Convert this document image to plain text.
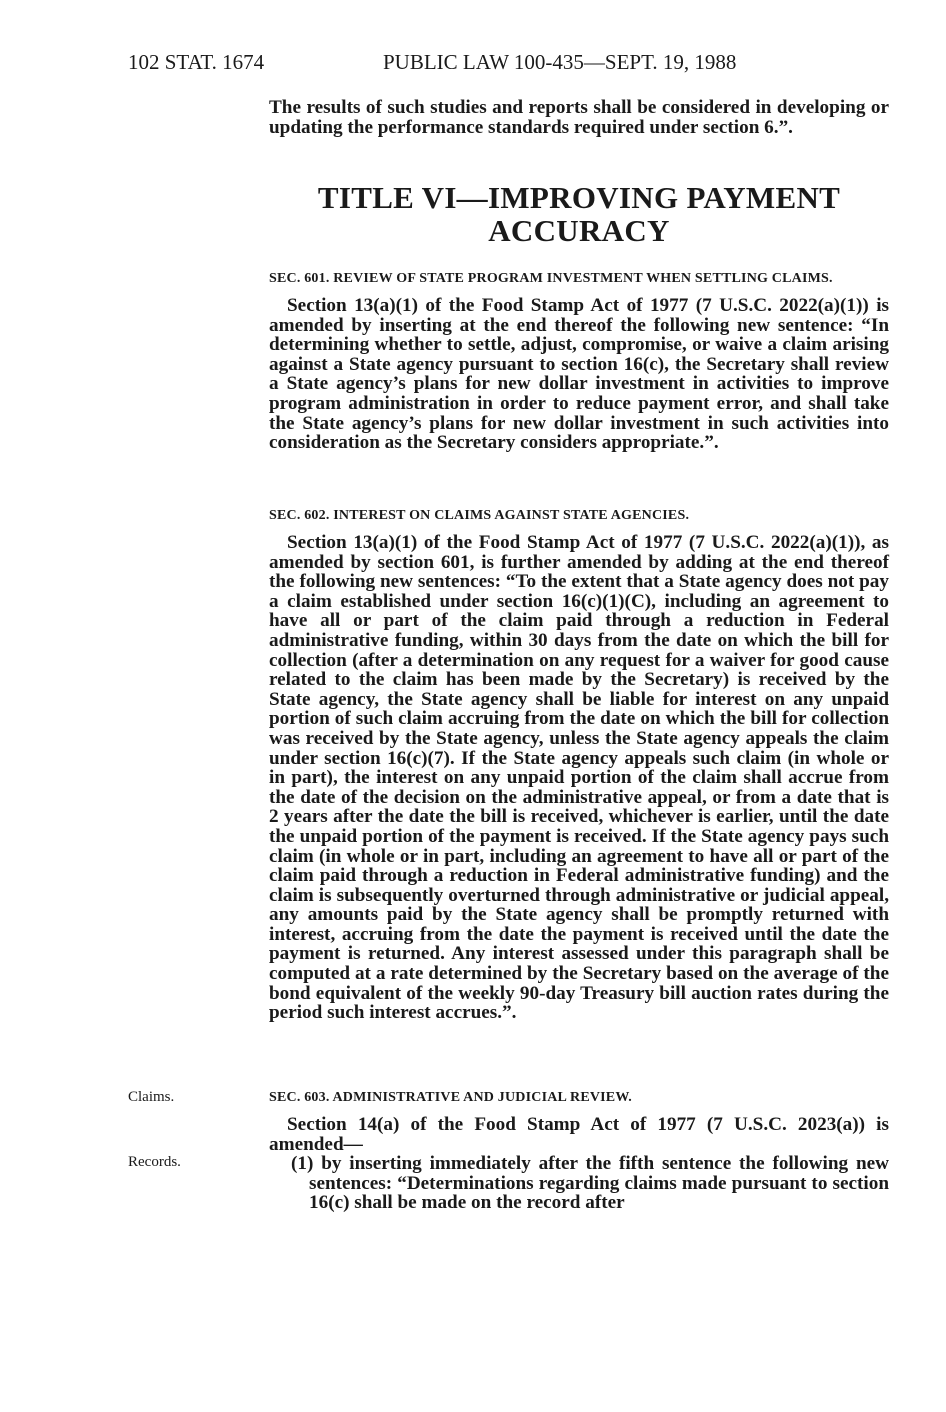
102 STAT. 1674	PUBLIC LAW 100-435—SEPT. 19, 1988

The results of such studies and reports shall be considered in developing or updating the performance standards required under section 6.”.

TITLE VI—IMPROVING PAYMENT
ACCURACY

SEC. 601. REVIEW OF STATE PROGRAM INVESTMENT WHEN SETTLING CLAIMS.

Section 13(a)(1) of the Food Stamp Act of 1977 (7 U.S.C. 2022(a)(1)) is amended by inserting at the end thereof the following new sentence: “In determining whether to settle, adjust, compromise, or waive a claim arising against a State agency pursuant to section 16(c), the Secretary shall review a State agency’s plans for new dollar investment in activities to improve program administration in order to reduce payment error, and shall take the State agency’s plans for new dollar investment in such activities into consideration as the Secretary considers appropriate.”.

SEC. 602. INTEREST ON CLAIMS AGAINST STATE AGENCIES.

Section 13(a)(1) of the Food Stamp Act of 1977 (7 U.S.C. 2022(a)(1)), as amended by section 601, is further amended by adding at the end thereof the following new sentences: “To the extent that a State agency does not pay a claim established under section 16(c)(1)(C), including an agreement to have all or part of the claim paid through a reduction in Federal administrative funding, within 30 days from the date on which the bill for collection (after a determination on any request for a waiver for good cause related to the claim has been made by the Secretary) is received by the State agency, the State agency shall be liable for interest on any unpaid portion of such claim accruing from the date on which the bill for collection was received by the State agency, unless the State agency appeals the claim under section 16(c)(7). If the State agency appeals such claim (in whole or in part), the interest on any unpaid portion of the claim shall accrue from the date of the decision on the administrative appeal, or from a date that is 2 years after the date the bill is received, whichever is earlier, until the date the unpaid portion of the payment is received. If the State agency pays such claim (in whole or in part, including an agreement to have all or part of the claim paid through a reduction in Federal administrative funding) and the claim is subsequently overturned through administrative or judicial appeal, any amounts paid by the State agency shall be promptly returned with interest, accruing from the date the payment is received until the date the payment is returned. Any interest assessed under this paragraph shall be computed at a rate determined by the Secretary based on the average of the bond equivalent of the weekly 90-day Treasury bill auction rates during the period such interest accrues.”.

Claims.
Records.

SEC. 603. ADMINISTRATIVE AND JUDICIAL REVIEW.

Section 14(a) of the Food Stamp Act of 1977 (7 U.S.C. 2023(a)) is amended—

(1) by inserting immediately after the fifth sentence the following new sentences: “Determinations regarding claims made pursuant to section 16(c) shall be made on the record after
